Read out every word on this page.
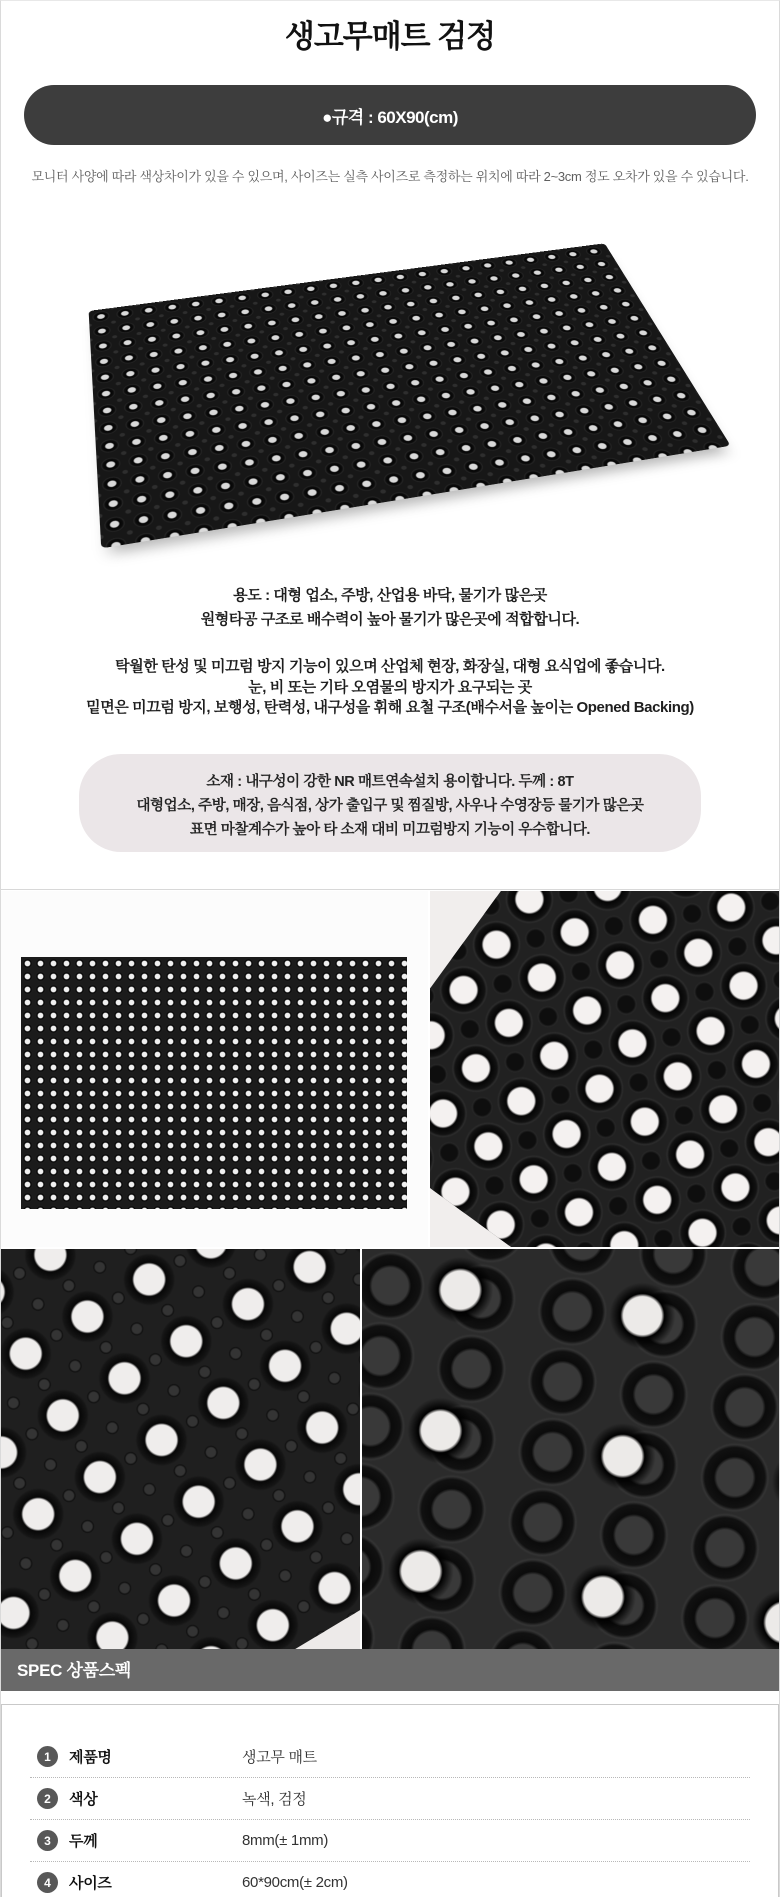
생고무매트 검정
●규격 : 60X90(cm)

모니터 사양에 따라 색상차이가 있을 수 있으며, 사이즈는 실측 사이즈로 측정하는 위치에 따라 2~3cm 정도 오차가 있을 수 있습니다.

용도 : 대형 업소, 주방, 산업용 바닥, 물기가 많은곳

원형타공 구조로 배수력이 높아 물기가 많은곳에 적합합니다.

탁월한 탄성 및 미끄럼 방지 기능이 있으며 산업체 현장, 화장실, 대형 요식업에 좋습니다.

눈, 비 또는 기타 오염물의 방지가 요구되는 곳

밑면은 미끄럼 방지, 보행성, 탄력성, 내구성을 휘해 요철 구조(배수서을 높이는 Opened Backing)

소재 : 내구성이 강한 NR 매트연속설치 용이합니다. 두께 : 8T

대형업소, 주방, 매장, 음식점, 상가 출입구 및 찜질방, 사우나 수영장등 물기가 많은곳

표면 마찰계수가 높아 타 소재 대비 미끄럼방지 기능이 우수합니다.

SPEC 상품스펙
1	제품명	생고무 매트
2	색상	녹색, 검정
3	두께	8mm(± 1mm)
4	사이즈	60*90cm(± 2cm)
